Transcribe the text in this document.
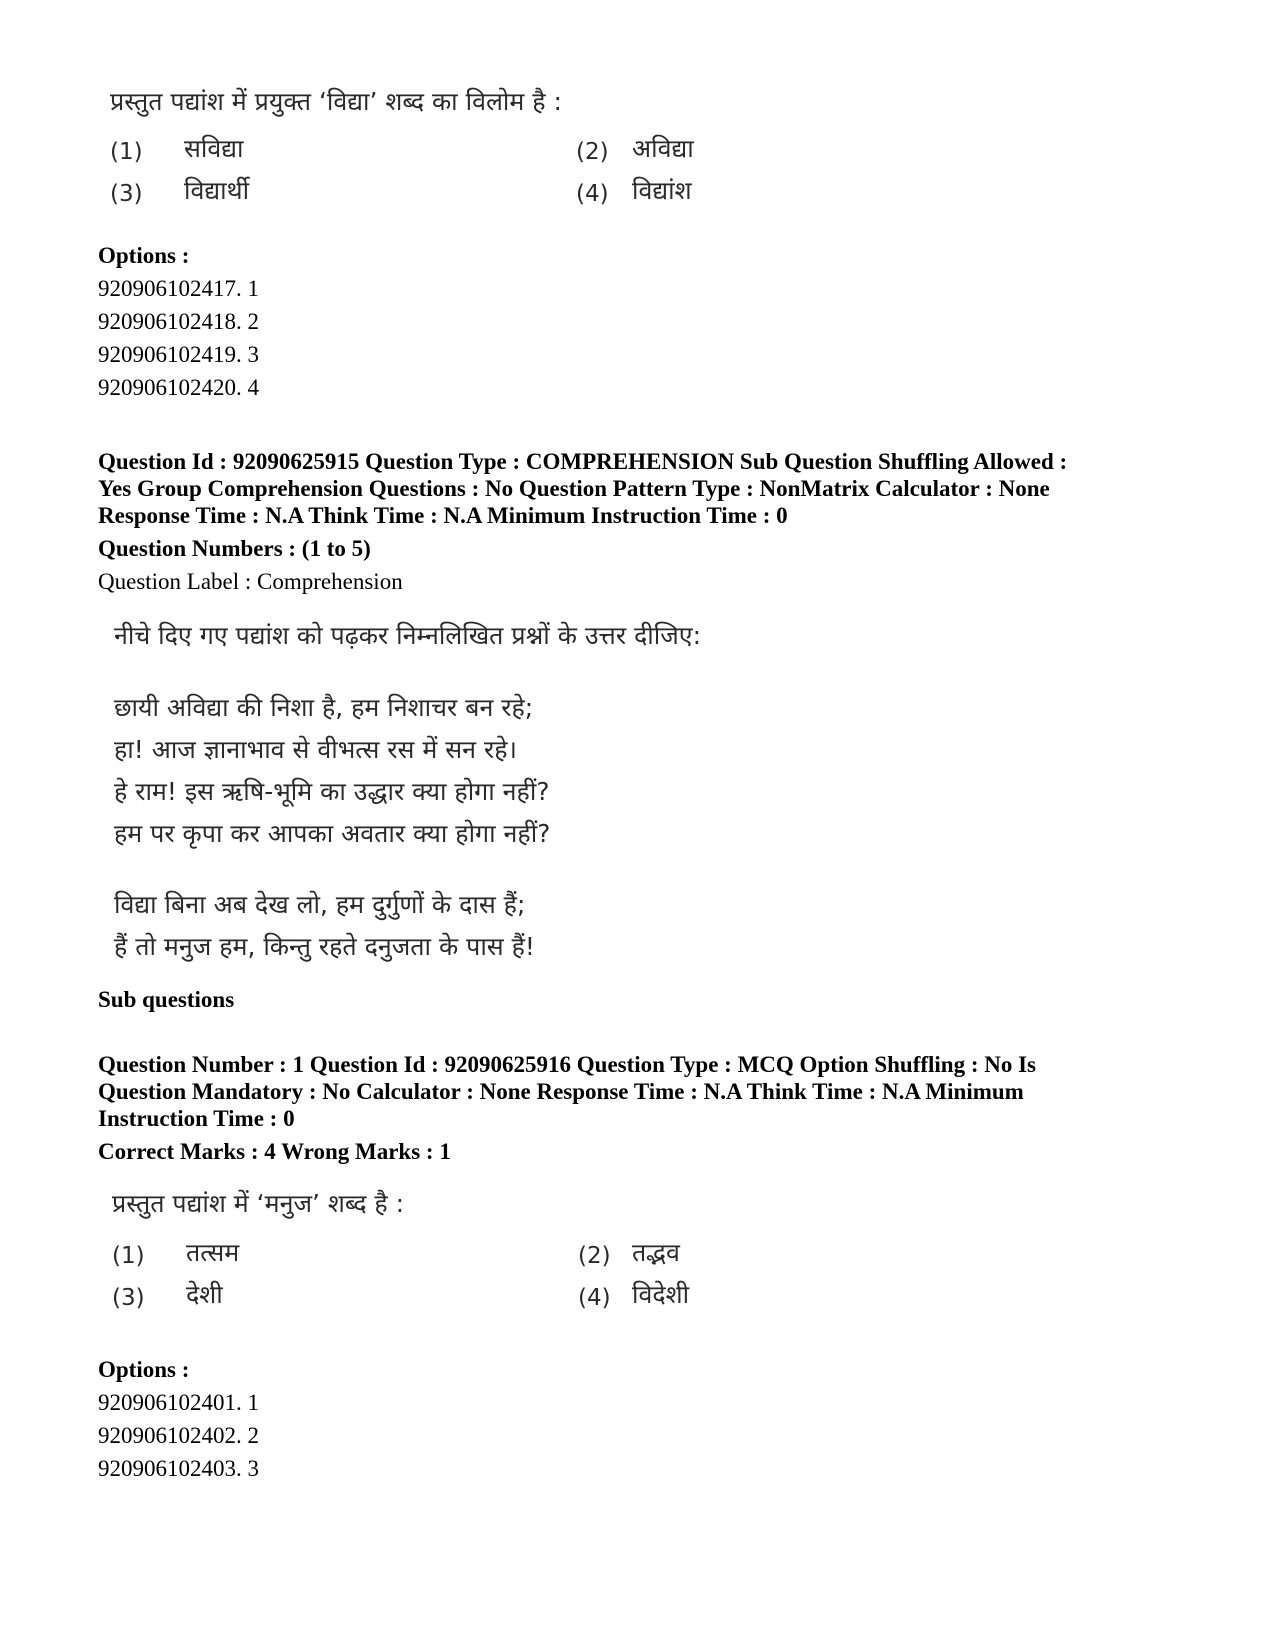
प्रस्तुत पद्यांश में प्रयुक्त ‘विद्या’ शब्द का विलोम है :
(1) सविद्या	(2) अविद्या
(3) विद्यार्थी	(4) विद्यांश
Options :
920906102417. 1
920906102418. 2
920906102419. 3
920906102420. 4
Question Id : 92090625915 Question Type : COMPREHENSION Sub Question Shuffling Allowed :
Yes Group Comprehension Questions : No Question Pattern Type : NonMatrix Calculator : None
Response Time : N.A Think Time : N.A Minimum Instruction Time : 0
Question Numbers : (1 to 5)
Question Label : Comprehension
नीचे दिए गए पद्यांश को पढ़कर निम्नलिखित प्रश्नों के उत्तर दीजिए:
छायी अविद्या की निशा है, हम निशाचर बन रहे;
हा! आज ज्ञानाभाव से वीभत्स रस में सन रहे।
हे राम! इस ऋषि-भूमि का उद्धार क्या होगा नहीं?
हम पर कृपा कर आपका अवतार क्या होगा नहीं?
विद्या बिना अब देख लो, हम दुर्गुणों के दास हैं;
हैं तो मनुज हम, किन्तु रहते दनुजता के पास हैं!
Sub questions
Question Number : 1 Question Id : 92090625916 Question Type : MCQ Option Shuffling : No Is
Question Mandatory : No Calculator : None Response Time : N.A Think Time : N.A Minimum
Instruction Time : 0
Correct Marks : 4 Wrong Marks : 1
प्रस्तुत पद्यांश में ‘मनुज’ शब्द है :
(1) तत्सम	(2) तद्भव
(3) देशी	(4) विदेशी
Options :
920906102401. 1
920906102402. 2
920906102403. 3
